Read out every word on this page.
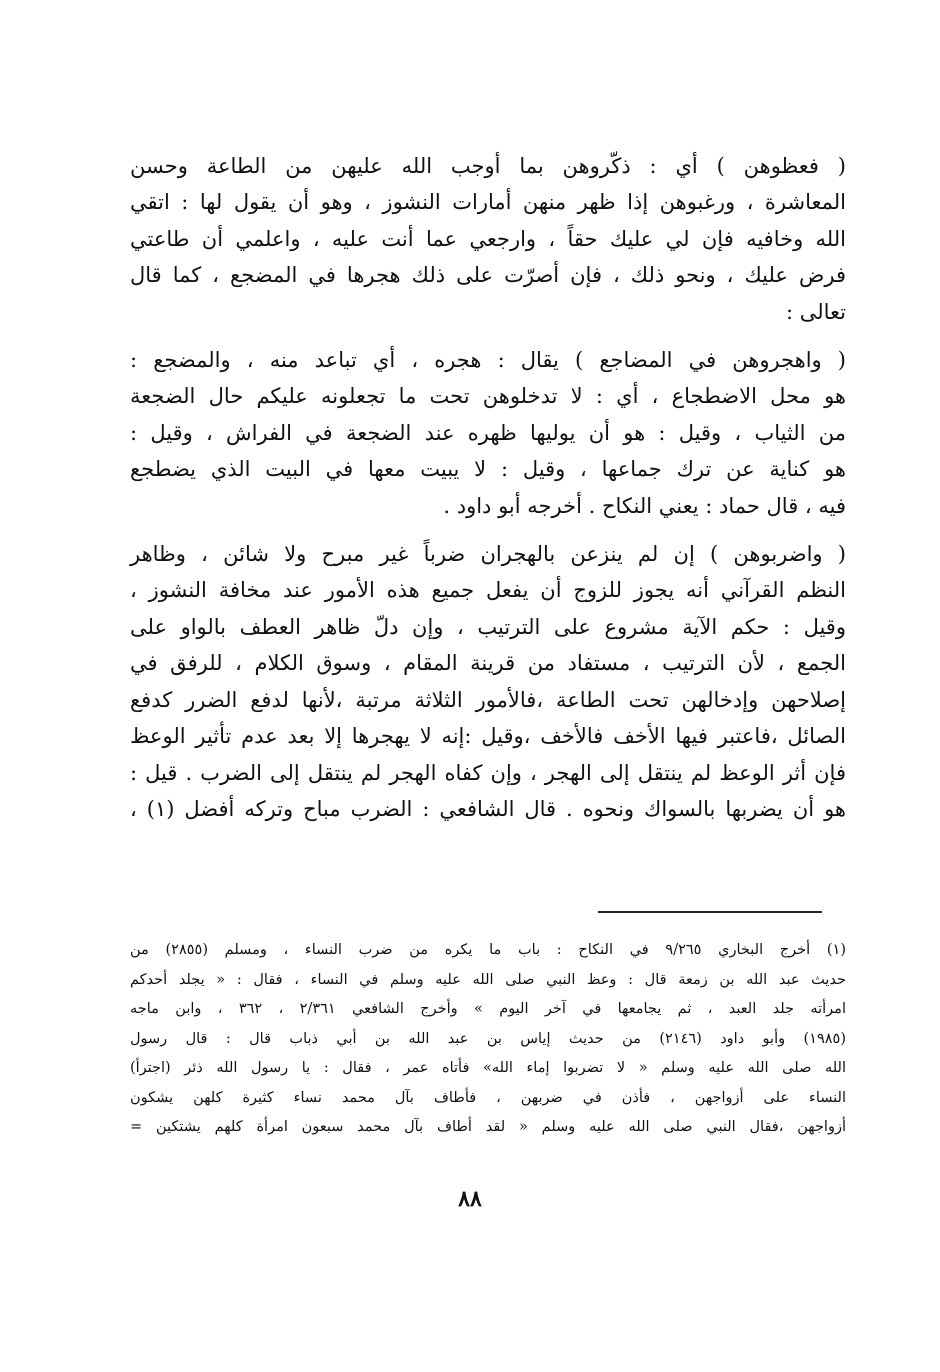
( فعظوهن ) أي : ذكّروهن بما أوجب الله عليهن من الطاعة وحسن
المعاشرة ، ورغبوهن إذا ظهر منهن أمارات النشوز ، وهو أن يقول لها : اتقي
الله وخافيه فإن لي عليك حقاً ، وارجعي عما أنت عليه ، واعلمي أن طاعتي
فرض عليك ، ونحو ذلك ، فإن أصرّت على ذلك هجرها في المضجع ، كما قال
تعالى :

( واهجروهن في المضاجع ) يقال : هجره ، أي تباعد منه ، والمضجع :
هو محل الاضطجاع ، أي : لا تدخلوهن تحت ما تجعلونه عليكم حال الضجعة
من الثياب ، وقيل : هو أن يوليها ظهره عند الضجعة في الفراش ، وقيل :
هو كناية عن ترك جماعها ، وقيل : لا يبيت معها في البيت الذي يضطجع
فيه ، قال حماد : يعني النكاح . أخرجه أبو داود .

( واضربوهن ) إن لم ينزعن بالهجران ضرباً غير مبرح ولا شائن ، وظاهر
النظم القرآني أنه يجوز للزوج أن يفعل جميع هذه الأمور عند مخافة النشوز ،
وقيل : حكم الآية مشروع على الترتيب ، وإن دلّ ظاهر العطف بالواو على
الجمع ، لأن الترتيب ، مستفاد من قرينة المقام ، وسوق الكلام ، للرفق في
إصلاحهن وإدخالهن تحت الطاعة ،فالأمور الثلاثة مرتبة ،لأنها لدفع الضرر كدفع
الصائل ،فاعتبر فيها الأخف فالأخف ،وقيل :إنه لا يهجرها إلا بعد عدم تأثير الوعظ
فإن أثر الوعظ لم ينتقل إلى الهجر ، وإن كفاه الهجر لم ينتقل إلى الضرب . قيل :
هو أن يضربها بالسواك ونحوه . قال الشافعي : الضرب مباح وتركه أفضل (١) ،

(١) أخرج البخاري ٩/٢٦٥ في النكاح : باب ما يكره من ضرب النساء ، ومسلم (٢٨٥٥) من
حديث عبد الله بن زمعة قال : وعظ النبي صلى الله عليه وسلم في النساء ، فقال : « يجلد أحدكم
امرأته جلد العبد ، ثم يجامعها في آخر اليوم » وأخرج الشافعي ٢/٣٦١ ، ٣٦٢ ، وابن ماجه
(١٩٨٥) وأبو داود (٢١٤٦) من حديث إياس بن عبد الله بن أبي ذباب قال : قال رسول
الله صلى الله عليه وسلم « لا تضربوا إماء الله» فأتاه عمر ، فقال : يا رسول الله ذئر (اجترأ)
النساء على أزواجهن ، فأذن في ضربهن ، فأطاف بآل محمد نساء كثيرة كلهن يشكون
أزواجهن ،فقال النبي صلى الله عليه وسلم « لقد أطاف بآل محمد سبعون امرأة كلهم يشتكين =
٨٨
